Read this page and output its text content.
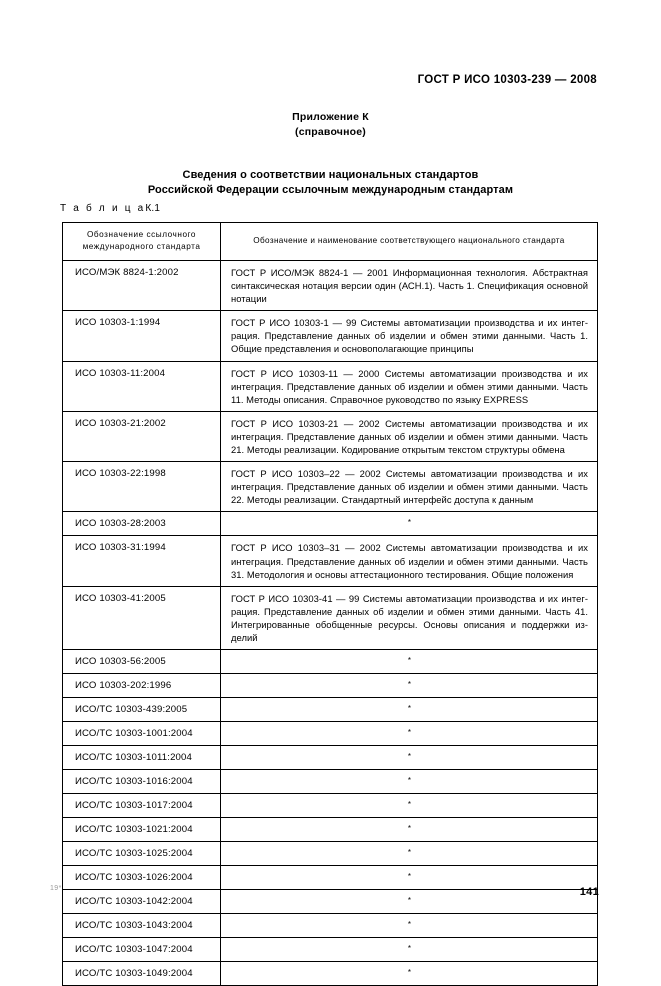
ГОСТ Р ИСО 10303-239 — 2008
Приложение К
(справочное)
Сведения о соответствии национальных стандартов
Российской Федерации ссылочным международным стандартам
Т а б л и ц аК.1
Обозначение ссылочного
международного стандарта	Обозначение и наименование соответствующего национального стандарта
ИСО/МЭК 8824-1:2002	ГОСТ Р ИСО/МЭК 8824-1 — 2001 Информационная технология. Абстрактная синтаксическая нотация версии один (АСН.1). Часть 1. Спецификация основной нотации
ИСО 10303-1:1994	ГОСТ Р ИСО 10303-1 — 99 Системы автоматизации производства и их интеграция. Представление данных об изделии и обмен этими данными. Часть 1. Общие представления и основополагающие принципы
ИСО 10303-11:2004	ГОСТ Р ИСО 10303-11 — 2000 Системы автоматизации производства и их интеграция. Представление данных об изделии и обмен этими данными. Часть 11. Методы описания. Справочное руководство по языку EXPRESS
ИСО 10303-21:2002	ГОСТ Р ИСО 10303-21 — 2002 Системы автоматизации производства и их интеграция. Представление данных об изделии и обмен этими данными. Часть 21. Методы реализации. Кодирование открытым текстом структуры обмена
ИСО 10303-22:1998	ГОСТ Р ИСО 10303–22 — 2002 Системы автоматизации производства и их интеграция. Представление данных об изделии и обмен этими данными. Часть 22. Методы реализации. Стандартный интерфейс доступа к данным
ИСО 10303-28:2003	*
ИСО 10303-31:1994	ГОСТ Р ИСО 10303–31 — 2002 Системы автоматизации производства и их интеграция. Представление данных об изделии и обмен этими данными. Часть 31. Методология и основы аттестационного тестирования. Общие положения
ИСО 10303-41:2005	ГОСТ Р ИСО 10303-41 — 99 Системы автоматизации производства и их интеграция. Представление данных об изделии и обмен этими данными. Часть 41. Интегрированные обобщенные ресурсы. Основы описания и поддержки изделий
ИСО 10303-56:2005	*
ИСО 10303-202:1996	*
ИСО/ТС 10303-439:2005	*
ИСО/ТС 10303-1001:2004	*
ИСО/ТС 10303-1011:2004	*
ИСО/ТС 10303-1016:2004	*
ИСО/ТС 10303-1017:2004	*
ИСО/ТС 10303-1021:2004	*
ИСО/ТС 10303-1025:2004	*
ИСО/ТС 10303-1026:2004	*
ИСО/ТС 10303-1042:2004	*
ИСО/ТС 10303-1043:2004	*
ИСО/ТС 10303-1047:2004	*
ИСО/ТС 10303-1049:2004	*
19*	141
